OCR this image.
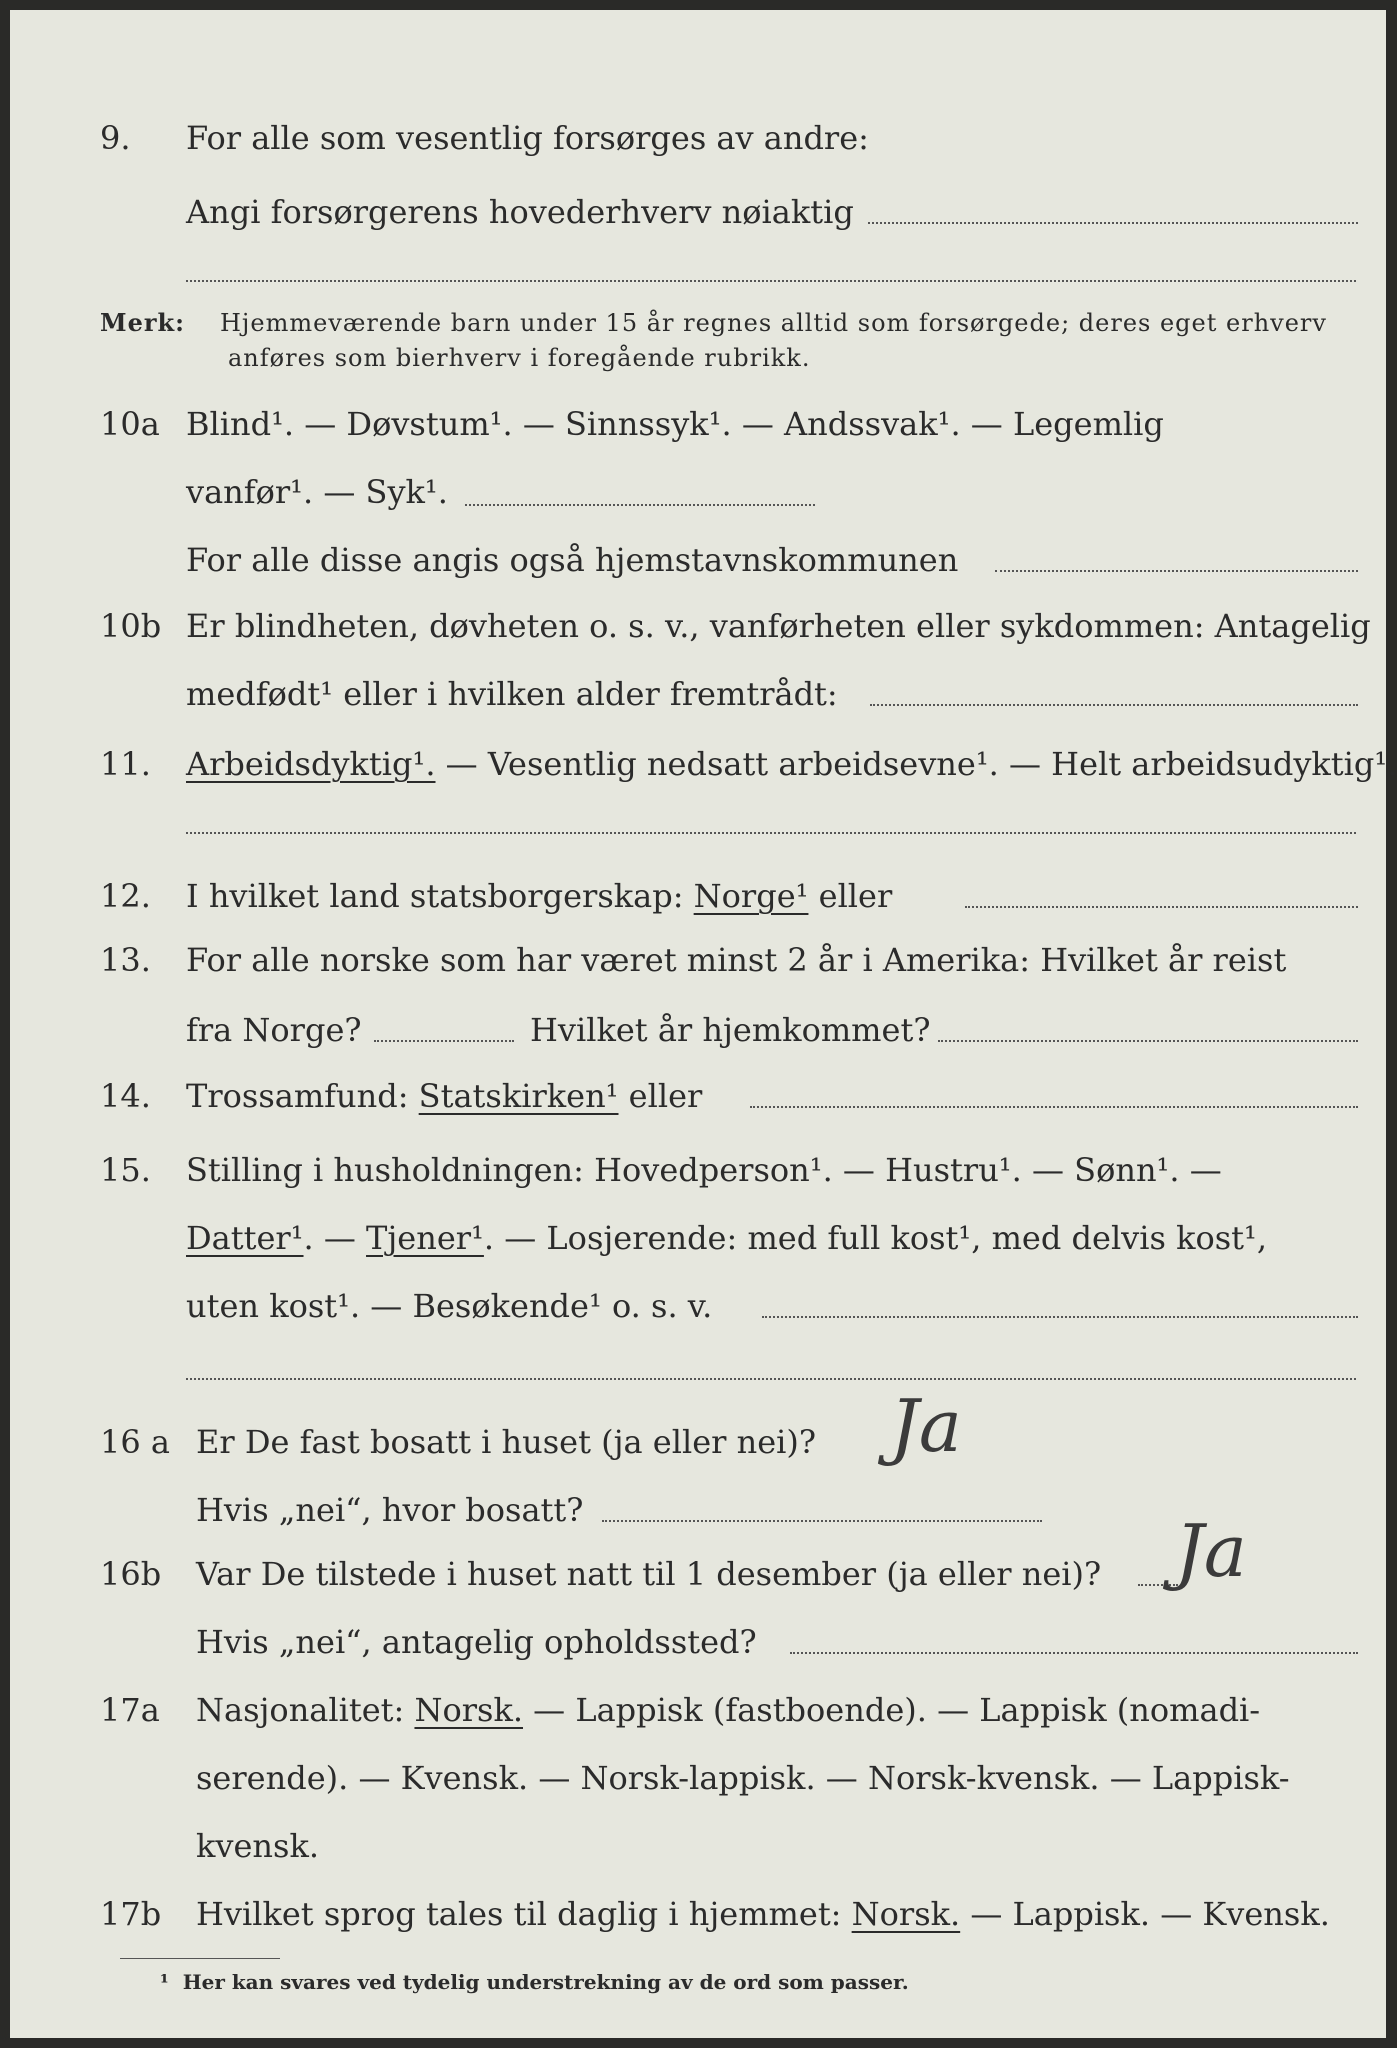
9. For alle som vesentlig forsørges av andre:
Angi forsørgerens hovederhverv nøiaktig
Merk: Hjemmeværende barn under 15 år regnes alltid som forsørgede; deres eget erhverv
anføres som bierhverv i foregående rubrikk.
10a Blind¹. — Døvstum¹. — Sinnssyk¹. — Andssvak¹. — Legemlig
vanfør¹. — Syk¹.
For alle disse angis også hjemstavnskommunen
10b Er blindheten, døvheten o. s. v., vanførheten eller sykdommen: Antagelig
medfødt¹ eller i hvilken alder fremtrådt:
11. Arbeidsdyktig¹. — Vesentlig nedsatt arbeidsevne¹. — Helt arbeidsudyktig¹.
12. I hvilket land statsborgerskap: Norge¹ eller
13. For alle norske som har været minst 2 år i Amerika: Hvilket år reist
fra Norge?	Hvilket år hjemkommet?
14. Trossamfund: Statskirken¹ eller
15. Stilling i husholdningen: Hovedperson¹. — Hustru¹. — Sønn¹. —
Datter¹. — Tjener¹. — Losjerende: med full kost¹, med delvis kost¹,
uten kost¹. — Besøkende¹ o. s. v.
16 a Er De fast bosatt i huset (ja eller nei)? Ja
Hvis „nei“, hvor bosatt?
16b Var De tilstede i huset natt til 1 desember (ja eller nei)? Ja
Hvis „nei“, antagelig opholdssted?
17a Nasjonalitet: Norsk. — Lappisk (fastboende). — Lappisk (nomadi-
serende). — Kvensk. — Norsk-lappisk. — Norsk-kvensk. — Lappisk-
kvensk.
17b Hvilket sprog tales til daglig i hjemmet: Norsk. — Lappisk. — Kvensk.
¹ Her kan svares ved tydelig understrekning av de ord som passer.
